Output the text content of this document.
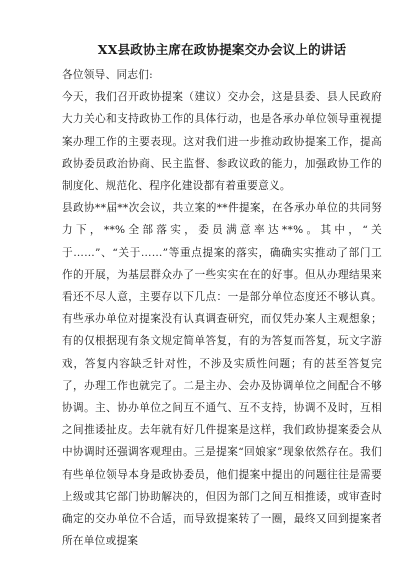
XX县政协主席在政协提案交办会议上的讲话

各位领导、同志们:

今天，我们召开政协提案（建议）交办会，这是县委、县人民政府大力关心和支持政协工作的具体行动，也是各承办单位领导重视提案办理工作的主要表现。这对我们进一步推动政协提案工作，提高政协委员政治协商、民主监督、参政议政的能力，加强政协工作的制度化、规范化、程序化建设都有着重要意义。

县政协**届**次会议，共立案的**件提案，在各承办单位的共同努力下，**%全部落实，委员满意率达**%。其中，“关于……”、“关于……”等重点提案的落实，确确实实推动了部门工作的开展，为基层群众办了一些实实在在的好事。但从办理结果来看还不尽人意，主要存以下几点：一是部分单位态度还不够认真。有些承办单位对提案没有认真调查研究，而仅凭办案人主观想象；有的仅根据现有条文规定简单答复，有的为答复而答复，玩文字游戏，答复内容缺乏针对性，不涉及实质性问题；有的甚至答复完了，办理工作也就完了。二是主办、会办及协调单位之间配合不够协调。主、协办单位之间互不通气、互不支持，协调不及时，互相之间推诿扯皮。去年就有好几件提案是这样，我们政协提案委会从中协调时还强调客观理由。三是提案“回娘家”现象依然存在。我们有些单位领导本身是政协委员，他们提案中提出的问题往往是需要上级或其它部门协助解决的，但因为部门之间互相推诿，或审查时确定的交办单位不合适，而导致提案转了一圈，最终又回到提案者所在单位或提案
